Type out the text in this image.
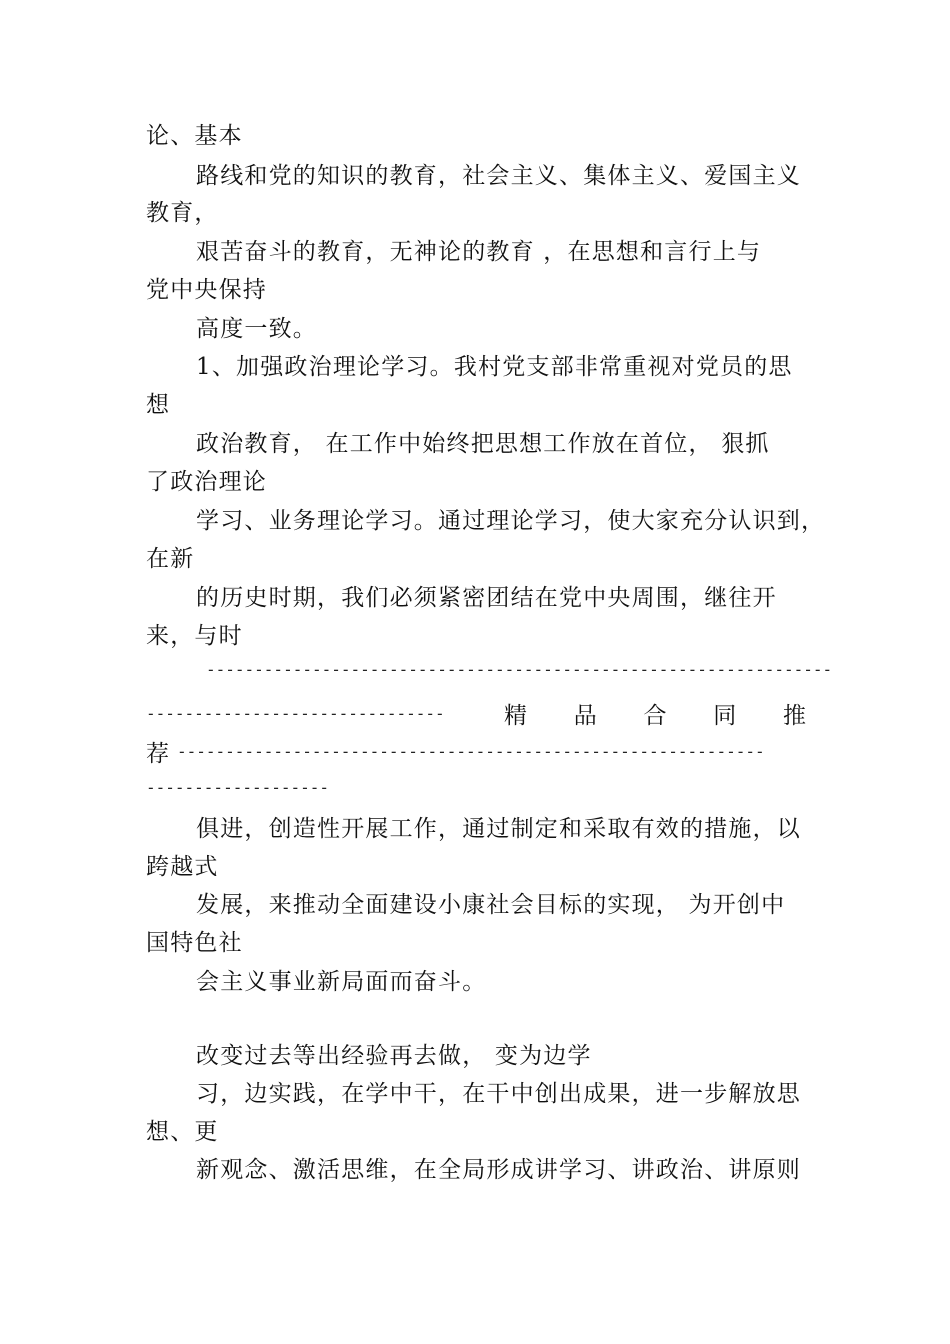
论、基本
路线和党的知识的教育，社会主义、集体主义、爱国主义
教育，
艰苦奋斗的教育，无神论的教育 ，在思想和言行上与
党中央保持
高度一致。
1、加强政治理论学习。我村党支部非常重视对党员的思
想
政治教育， 在工作中始终把思想工作放在首位， 狠抓
了政治理论
学习、业务理论学习。通过理论学习，使大家充分认识到，
在新
的历史时期，我们必须紧密团结在党中央周围，继往开
来，与时
-----------------------------------------------------------------
-------------------------------	精 品 合 同 推
荐 -------------------------------------------------------------
-------------------
俱进，创造性开展工作，通过制定和采取有效的措施，以
跨越式
发展，来推动全面建设小康社会目标的实现， 为开创中
国特色社
会主义事业新局面而奋斗。
改变过去等出经验再去做， 变为边学
习，边实践，在学中干，在干中创出成果，进一步解放思
想、更
新观念、激活思维，在全局形成讲学习、讲政治、讲原则
